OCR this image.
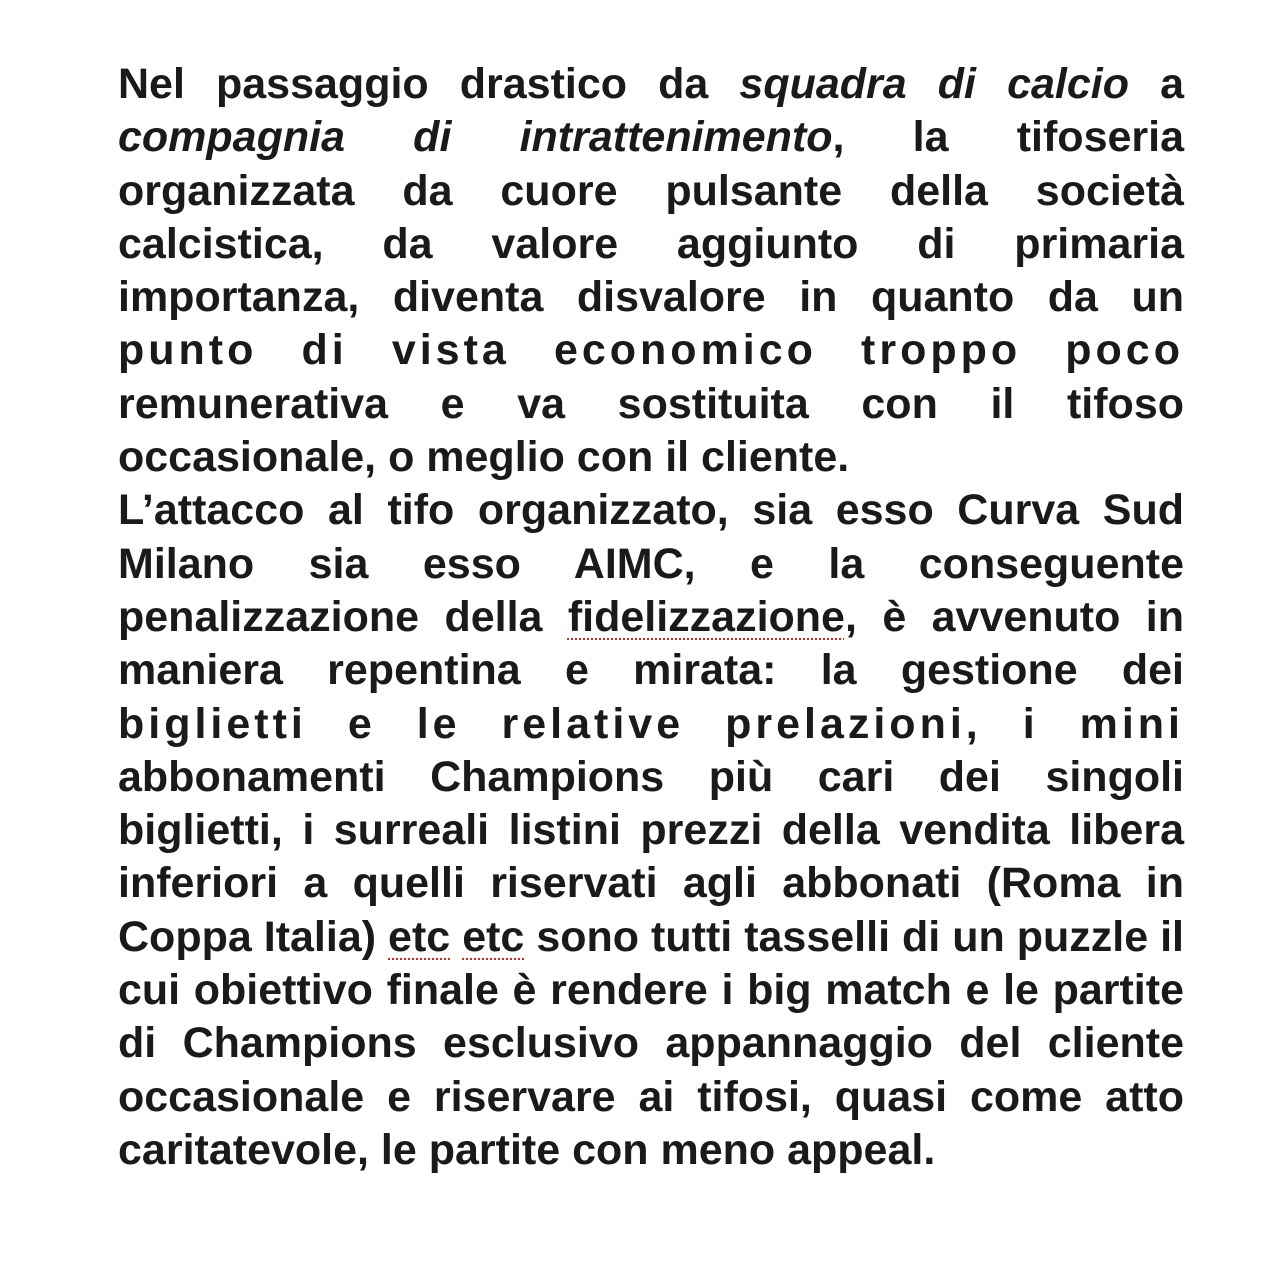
Nel passaggio drastico da squadra di calcio a compagnia di intrattenimento, la tifoseria organizzata da cuore pulsante della società calcistica, da valore aggiunto di primaria importanza, diventa disvalore in quanto da un punto di vista economico troppo poco remunerativa e va sostituita con il tifoso occasionale, o meglio con il cliente.

L’attacco al tifo organizzato, sia esso Curva Sud Milano sia esso AIMC, e la conseguente penalizzazione della fidelizzazione, è avvenuto in maniera repentina e mirata: la gestione dei biglietti e le relative prelazioni, i mini abbonamenti Champions più cari dei singoli biglietti, i surreali listini prezzi della vendita libera inferiori a quelli riservati agli abbonati (Roma in Coppa Italia) etc etc sono tutti tasselli di un puzzle il cui obiettivo finale è rendere i big match e le partite di Champions esclusivo appannaggio del cliente occasionale e riservare ai tifosi, quasi come atto caritatevole, le partite con meno appeal.
